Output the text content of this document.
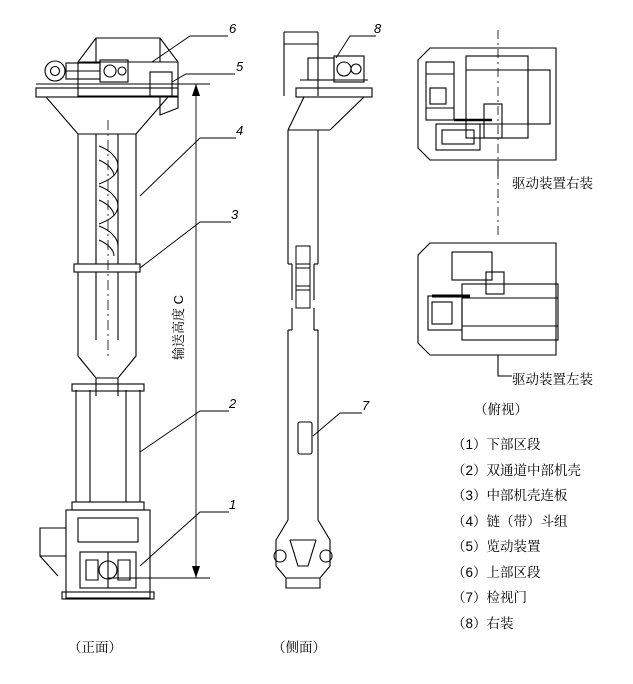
1
2
3
4
5
6
7
8
输送高度 C
（正面）	（侧面）
（俯视）
驱动装置右装
驱动装置左装
（1）下部区段
（2）双通道中部机壳
（3）中部机壳连板
（4）链（带）斗组
（5）览动装置
（6）上部区段
（7）检视门
（8）右装
